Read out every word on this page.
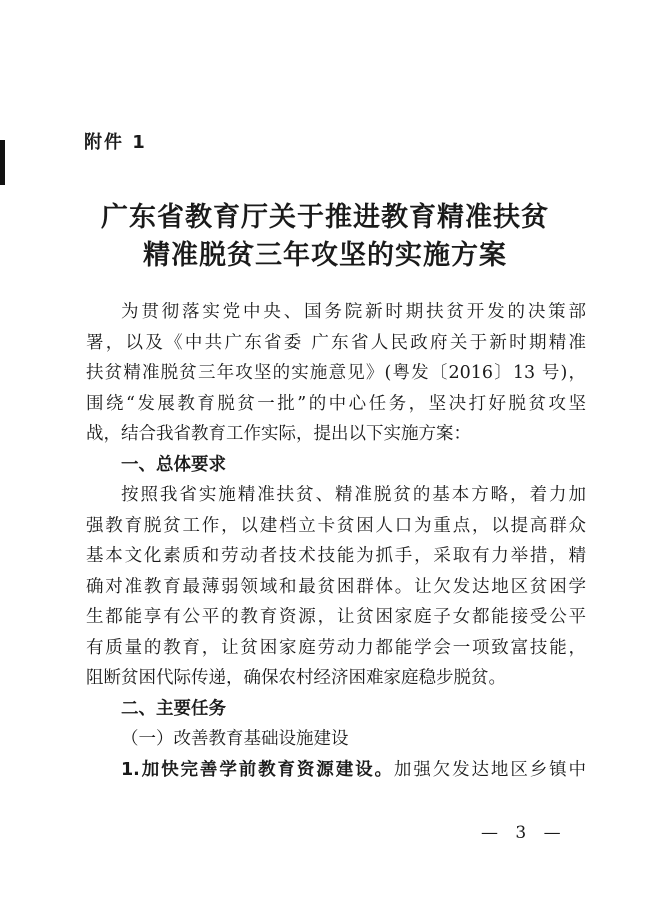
附件 1
广东省教育厅关于推进教育精准扶贫
精准脱贫三年攻坚的实施方案
为贯彻落实党中央、国务院新时期扶贫开发的决策部
署，以及《中共广东省委 广东省人民政府关于新时期精准
扶贫精准脱贫三年攻坚的实施意见》(粤发〔2016〕13 号)，
围绕“发展教育脱贫一批”的中心任务，坚决打好脱贫攻坚
战，结合我省教育工作实际，提出以下实施方案：
一、总体要求
按照我省实施精准扶贫、精准脱贫的基本方略，着力加
强教育脱贫工作，以建档立卡贫困人口为重点，以提高群众
基本文化素质和劳动者技术技能为抓手，采取有力举措，精
确对准教育最薄弱领域和最贫困群体。让欠发达地区贫困学
生都能享有公平的教育资源，让贫困家庭子女都能接受公平
有质量的教育，让贫困家庭劳动力都能学会一项致富技能，
阻断贫困代际传递，确保农村经济困难家庭稳步脱贫。
二、主要任务
（一）改善教育基础设施建设
1.加快完善学前教育资源建设。加强欠发达地区乡镇中
— 3 —
